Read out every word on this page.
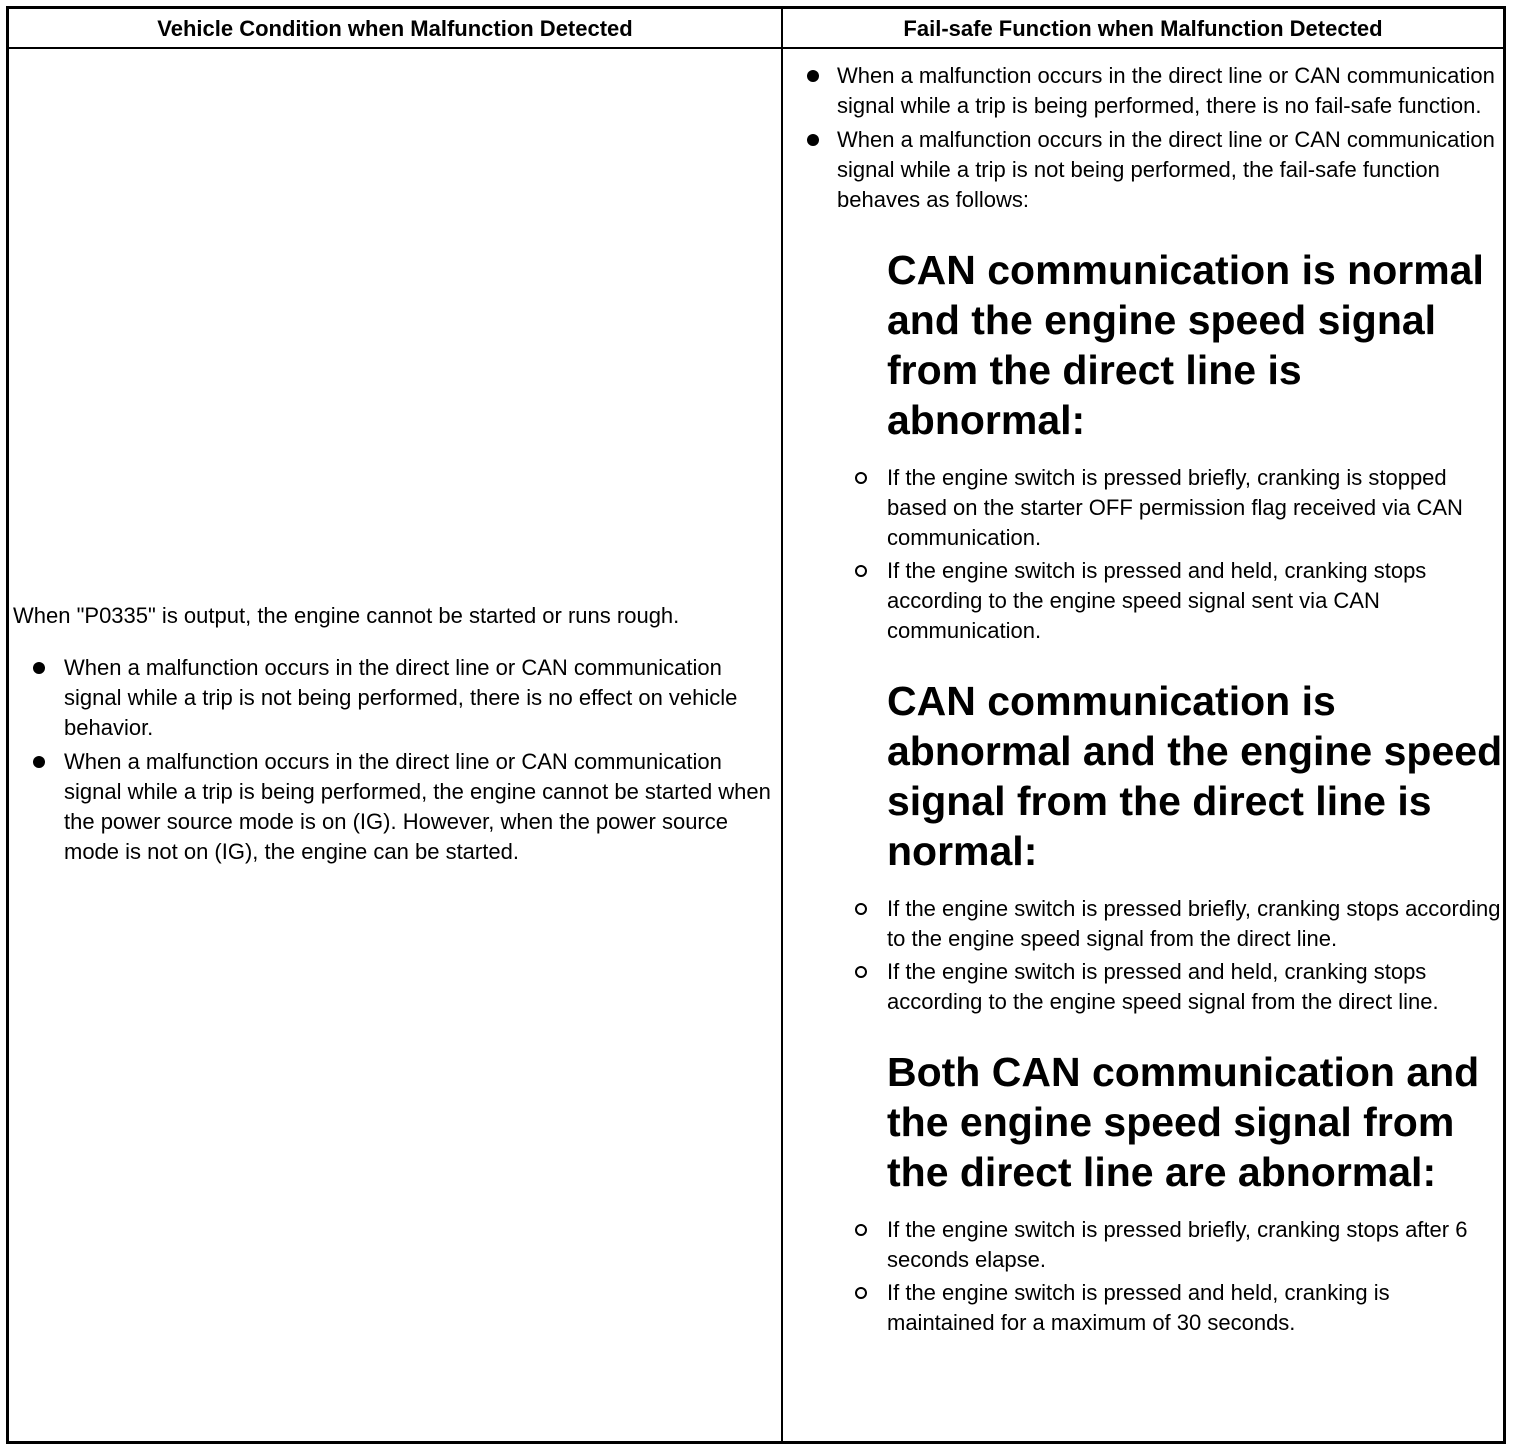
Vehicle Condition when Malfunction Detected	Fail-safe Function when Malfunction Detected

When "P0335" is output, the engine cannot be started or runs rough.

When a malfunction occurs in the direct line or CAN communication signal while a trip is not being performed, there is no effect on vehicle behavior.
When a malfunction occurs in the direct line or CAN communication signal while a trip is being performed, the engine cannot be started when the power source mode is on (IG). However, when the power source mode is not on (IG), the engine can be started.
When a malfunction occurs in the direct line or CAN communication signal while a trip is being performed, there is no fail-safe function.
When a malfunction occurs in the direct line or CAN communication signal while a trip is not being performed, the fail-safe function behaves as follows:
CAN communication is normal and the engine speed signal from the direct line is abnormal:
If the engine switch is pressed briefly, cranking is stopped based on the starter OFF permission flag received via CAN communication.
If the engine switch is pressed and held, cranking stops according to the engine speed signal sent via CAN communication.
CAN communication is abnormal and the engine speed signal from the direct line is normal:
If the engine switch is pressed briefly, cranking stops according to the engine speed signal from the direct line.
If the engine switch is pressed and held, cranking stops according to the engine speed signal from the direct line.
Both CAN communication and the engine speed signal from the direct line are abnormal:
If the engine switch is pressed briefly, cranking stops after 6 seconds elapse.
If the engine switch is pressed and held, cranking is maintained for a maximum of 30 seconds.
